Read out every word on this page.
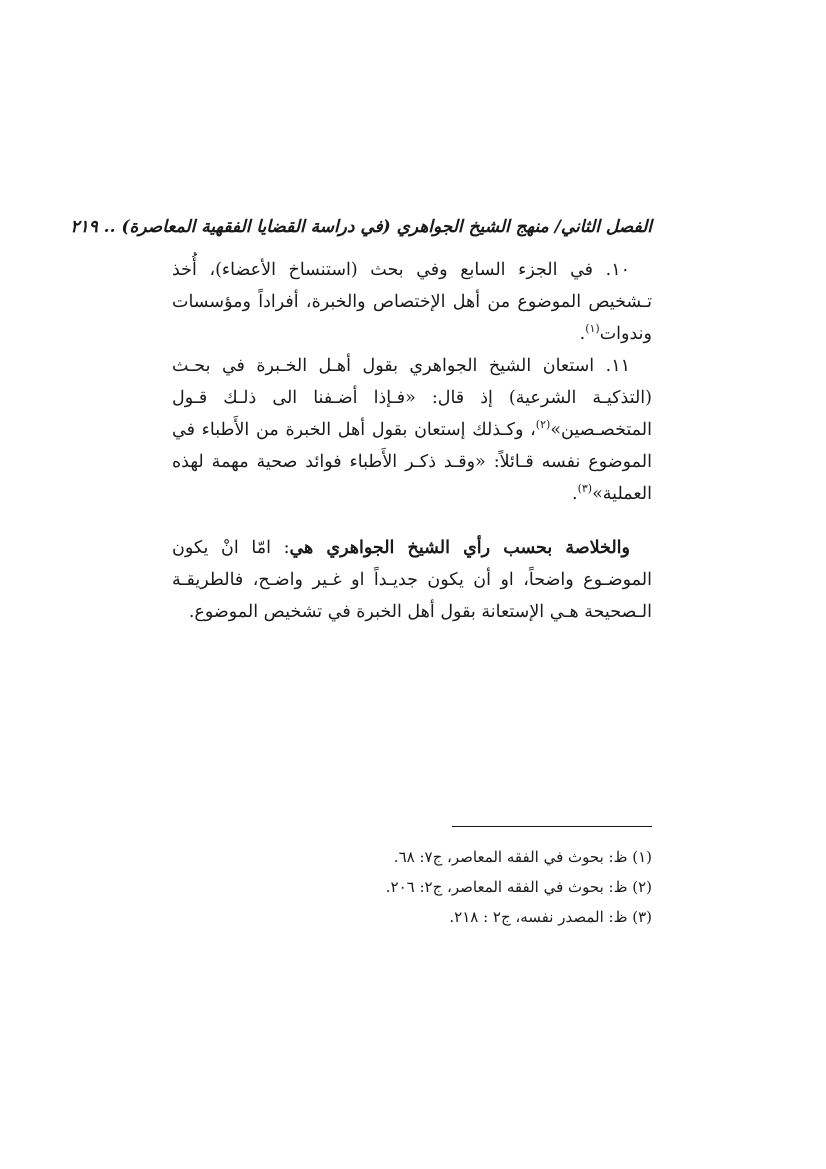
الفصل الثاني/ منهج الشيخ الجواهري (في دراسة القضايا الفقهية المعاصرة) .. ٢١٩

١٠. في الجزء السابع وفي بحث (استنساخ الأعضاء)، أُخذ تـشخيص الموضوع من أهل الإختصاص والخبرة، أفراداً ومؤسسات وندوات$^{(١)}$.

١١. استعان الشيخ الجواهري بقول أهـل الخـبرة في بحـث (التذكيـة الشرعية) إذ قال: «فـإذا أضـفنا الى ذلـك قـول المتخصـصين»$^{(٢)}$، وكـذلك إستعان بقول أهل الخبرة من الأَطباء في الموضوع نفسه قـائلاً: «وقـد ذكـر الأَطباء فوائد صحية مهمة لهذه العملية»$^{(٣)}$.

والخلاصة بحسب رأي الشيخ الجواهري هي: امّا انْ يكون الموضـوع واضحاً، او أن يكون جديـداً او غـير واضـح، فالطريقـة الـصحيحة هـي الإستعانة بقول أهل الخبرة في تشخيص الموضوع.

(١) ظ: بحوث في الفقه المعاصر، ج٧: ٦٨.

(٢) ظ: بحوث في الفقه المعاصر، ج٢: ٢٠٦.

(٣) ظ: المصدر نفسه، ج٢ : ٢١٨.
